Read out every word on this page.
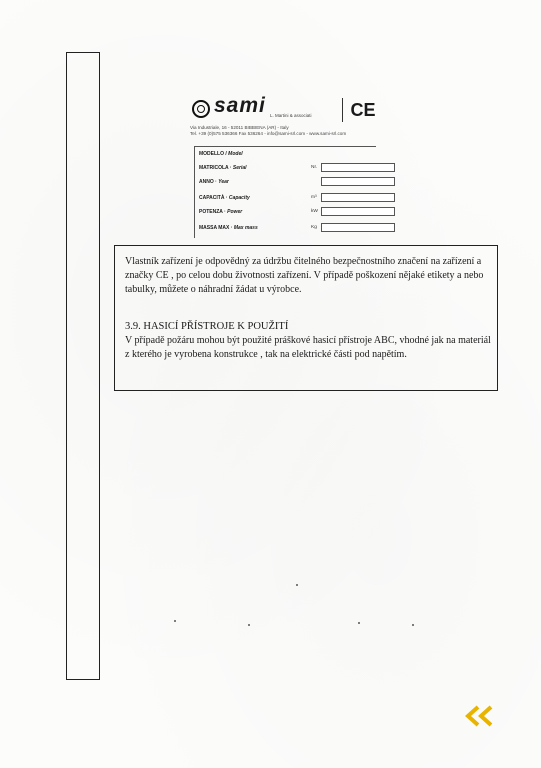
sami L. Martini & associati	CE
Via Industriale, 16 - 52011 BIBBIENA (AR) - Italy
Tel. +39 (0)575 536366 Fax 536264 - info@sami-srl.com - www.sami-srl.com
MODELLO / Model
MATRICOLA · Serial	Nr.
ANNO · Year
CAPACITÀ · Capacity	m³
POTENZA · Power	kW
MASSA MAX · Max mass	Kg
Vlastník zařízení je odpovědný za údržbu čitelného bezpečnostního značení na zařízení a značky CE , po celou dobu životnosti zařízení. V případě poškození nějaké etikety a nebo tabulky, můžete o náhradní žádat u výrobce.
3.9. HASICÍ PŘÍSTROJE K POUŽITÍ
V případě požáru mohou být použité práškové hasicí přístroje ABC, vhodné jak na materiál z kterého je vyrobena konstrukce , tak na elektrické části pod napětím.
